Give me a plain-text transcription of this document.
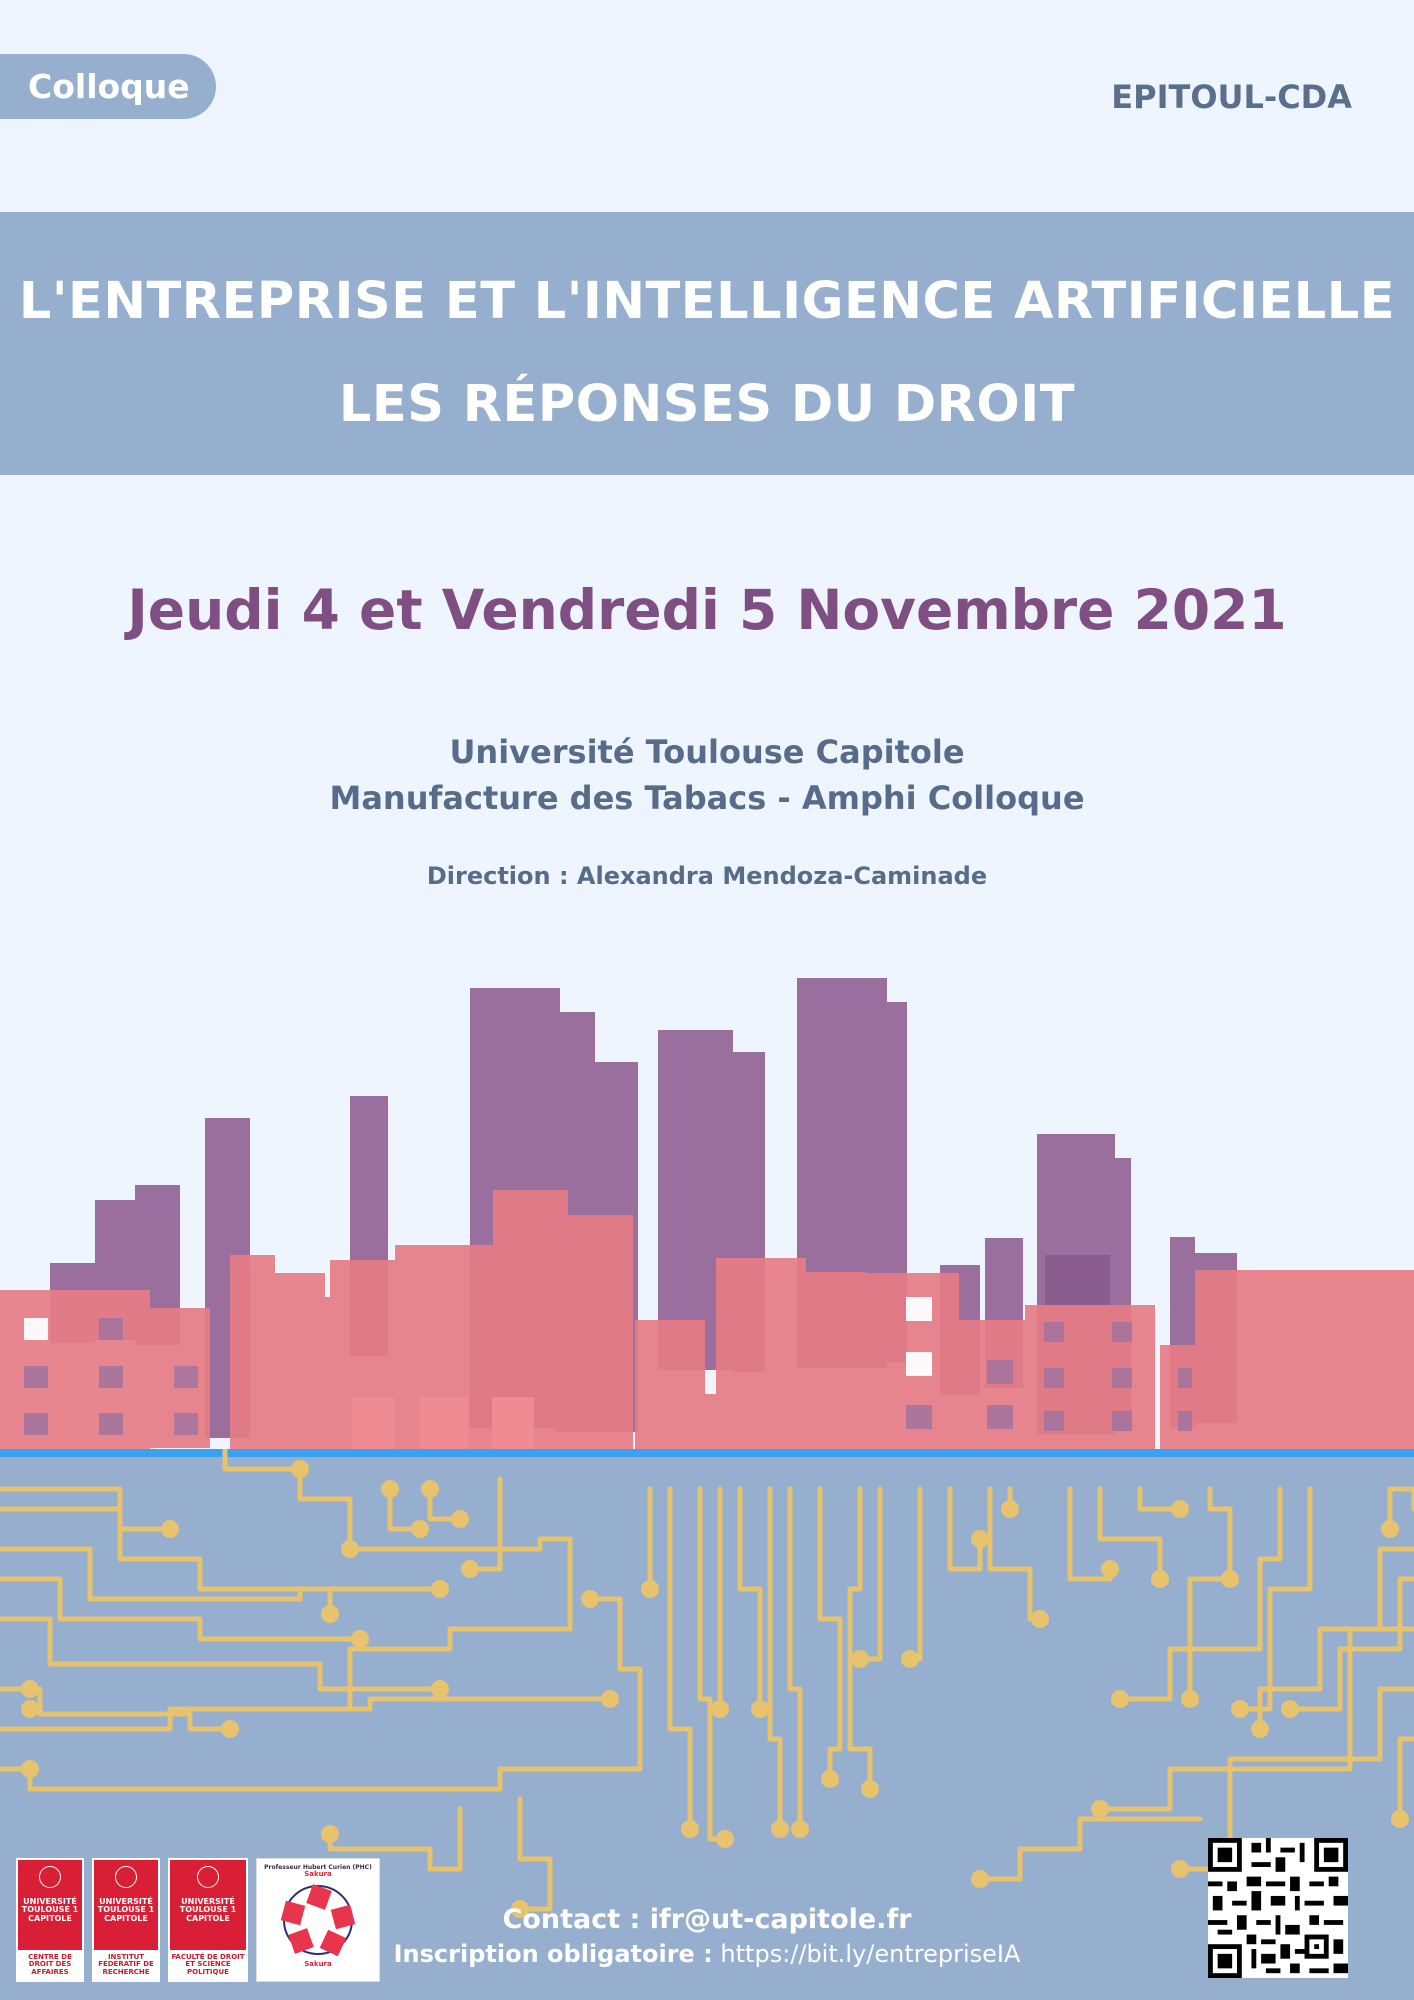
Colloque	EPITOUL-CDA
L'ENTREPRISE ET L'INTELLIGENCE ARTIFICIELLE
LES RÉPONSES DU DROIT
Jeudi 4 et Vendredi 5 Novembre 2021
Université Toulouse Capitole
Manufacture des Tabacs - Amphi Colloque
Direction : Alexandra Mendoza-Caminade
UNIVERSITÉ
TOULOUSE 1
CAPITOLE
CENTRE DE DROIT DES AFFAIRES
UNIVERSITÉ
TOULOUSE 1
CAPITOLE
INSTITUT FÉDÉRATIF DE RECHERCHE
UNIVERSITÉ
TOULOUSE 1
CAPITOLE
FACULTÉ DE DROIT ET SCIENCE POLITIQUE
Professeur Hubert Curien (PHC)
Sakura
Sakura
Contact : ifr@ut-capitole.fr
Inscription obligatoire : https://bit.ly/entrepriseIA
